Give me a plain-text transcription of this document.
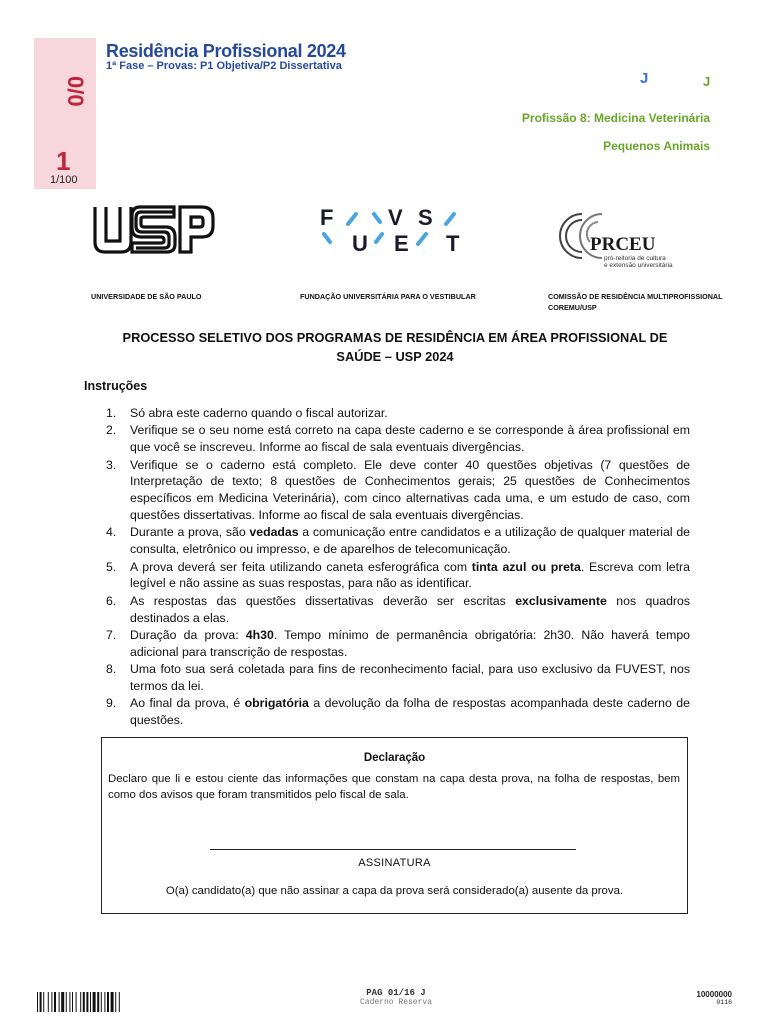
0/0
1
1/100
Residência Profissional 2024
1ª Fase – Provas: P1 Objetiva/P2 Dissertativa
J	J
Profissão 8: Medicina Veterinária
Pequenos Animais
F V S
U E T	PRCEU
pró-reitoria de cultura
e extensão universitária
UNIVERSIDADE DE SÃO PAULO	FUNDAÇÃO UNIVERSITÁRIA PARA O VESTIBULAR	COMISSÃO DE RESIDÊNCIA MULTIPROFISSIONAL
COREMU/USP
PROCESSO SELETIVO DOS PROGRAMAS DE RESIDÊNCIA EM ÁREA PROFISSIONAL DE
SAÚDE – USP 2024
Instruções
1. Só abra este caderno quando o fiscal autorizar.
2. Verifique se o seu nome está correto na capa deste caderno e se corresponde à área profissional em que você se inscreveu. Informe ao fiscal de sala eventuais divergências.
3. Verifique se o caderno está completo. Ele deve conter 40 questões objetivas (7 questões de Interpretação de texto; 8 questões de Conhecimentos gerais; 25 questões de Conhecimentos específicos em Medicina Veterinária), com cinco alternativas cada uma, e um estudo de caso, com questões dissertativas. Informe ao fiscal de sala eventuais divergências.
4. Durante a prova, são vedadas a comunicação entre candidatos e a utilização de qualquer material de consulta, eletrônico ou impresso, e de aparelhos de telecomunicação.
5. A prova deverá ser feita utilizando caneta esferográfica com tinta azul ou preta. Escreva com letra legível e não assine as suas respostas, para não as identificar.
6. As respostas das questões dissertativas deverão ser escritas exclusivamente nos quadros destinados a elas.
7. Duração da prova: 4h30. Tempo mínimo de permanência obrigatória: 2h30. Não haverá tempo adicional para transcrição de respostas.
8. Uma foto sua será coletada para fins de reconhecimento facial, para uso exclusivo da FUVEST, nos termos da lei.
9. Ao final da prova, é obrigatória a devolução da folha de respostas acompanhada deste caderno de questões.
Declaração
Declaro que li e estou ciente das informações que constam na capa desta prova, na folha de respostas, bem como dos avisos que foram transmitidos pelo fiscal de sala.
ASSINATURA
O(a) candidato(a) que não assinar a capa da prova será considerado(a) ausente da prova.
PAG 01/16 J
Caderno Reserva
10000000
0116
